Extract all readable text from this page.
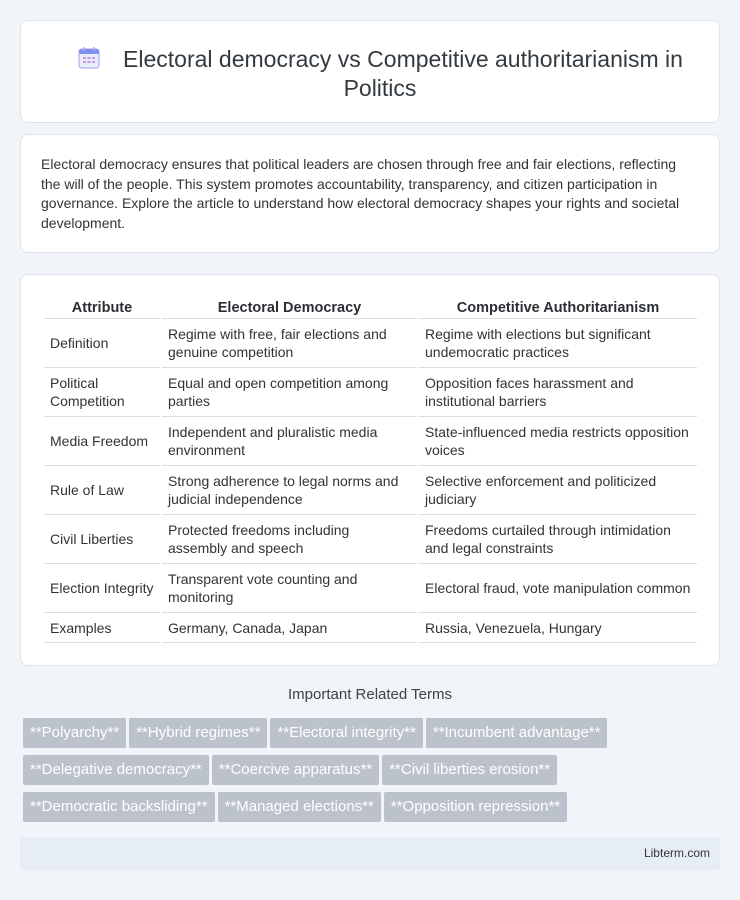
Electoral democracy vs Competitive authoritarianism in Politics

Electoral democracy ensures that political leaders are chosen through free and fair elections, reflecting the will of the people. This system promotes accountability, transparency, and citizen participation in governance. Explore the article to understand how electoral democracy shapes your rights and societal development.

Attribute	Electoral Democracy	Competitive Authoritarianism
Definition	Regime with free, fair elections and genuine competition	Regime with elections but significant undemocratic practices
Political Competition	Equal and open competition among parties	Opposition faces harassment and institutional barriers
Media Freedom	Independent and pluralistic media environment	State-influenced media restricts opposition voices
Rule of Law	Strong adherence to legal norms and judicial independence	Selective enforcement and politicized judiciary
Civil Liberties	Protected freedoms including assembly and speech	Freedoms curtailed through intimidation and legal constraints
Election Integrity	Transparent vote counting and monitoring	Electoral fraud, vote manipulation common
Examples	Germany, Canada, Japan	Russia, Venezuela, Hungary
Important Related Terms
**Polyarchy** **Hybrid regimes** **Electoral integrity** **Incumbent advantage****Delegative democracy** **Coercive apparatus** **Civil liberties erosion****Democratic backsliding** **Managed elections** **Opposition repression**
Libterm.com
